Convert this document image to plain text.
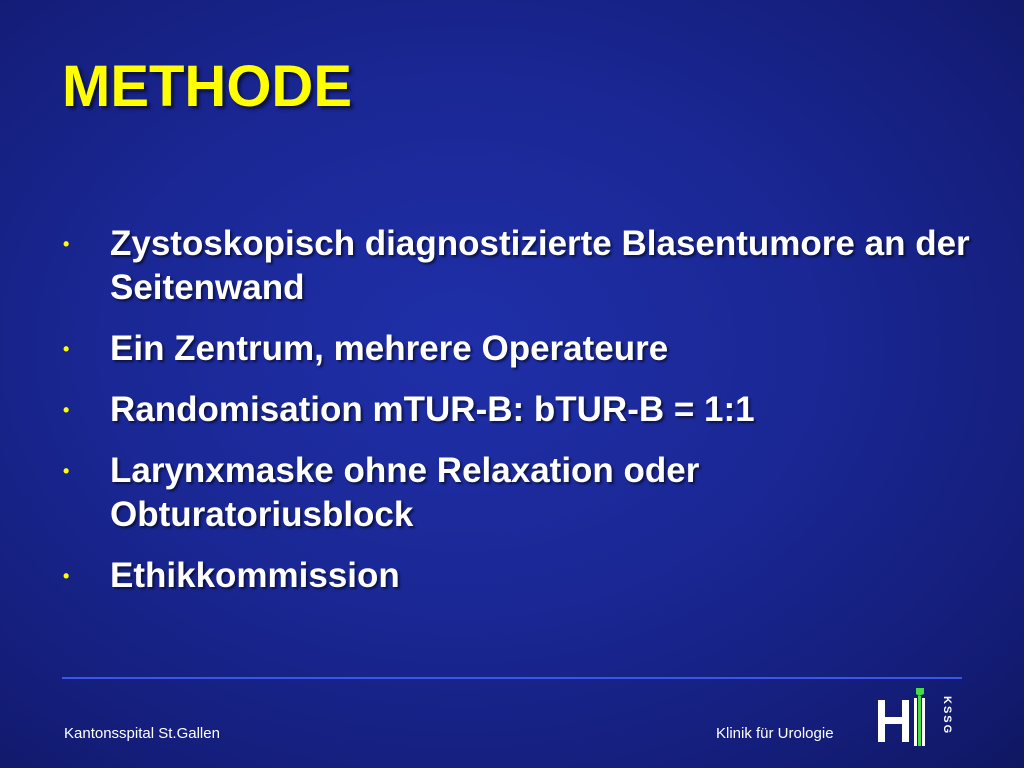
METHODE
• Zystoskopisch diagnostizierte Blasentumore an der Seitenwand
• Ein Zentrum, mehrere Operateure
• Randomisation mTUR-B: bTUR-B = 1:1
• Larynxmaske ohne Relaxation oder Obturatoriusblock
• Ethikkommission
Kantonsspital St.Gallen	Klinik für Urologie	KSSG
